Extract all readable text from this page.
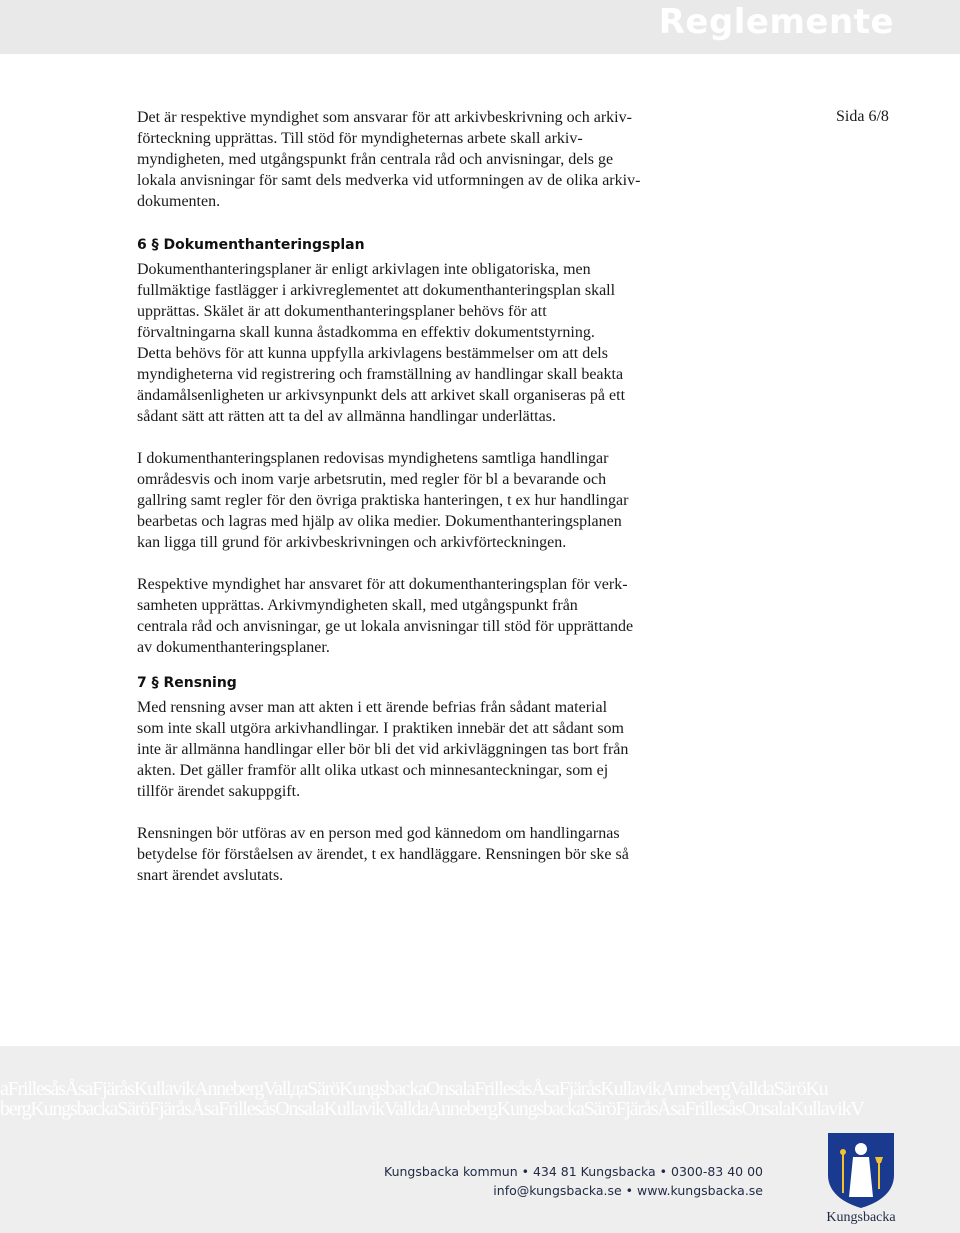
Reglemente
Sida 6/8

Det är respektive myndighet som ansvarar för att arkivbeskrivning och arkiv-
förteckning upprättas. Till stöd för myndigheternas arbete skall arkiv-
myndigheten, med utgångspunkt från centrala råd och anvisningar, dels ge
lokala anvisningar för samt dels medverka vid utformningen av de olika arkiv-
dokumenten.

6 § Dokumenthanteringsplan

Dokumenthanteringsplaner är enligt arkivlagen inte obligatoriska, men
fullmäktige fastlägger i arkivreglementet att dokumenthanteringsplan skall
upprättas. Skälet är att dokumenthanteringsplaner behövs för att
förvaltningarna skall kunna åstadkomma en effektiv dokumentstyrning.
Detta behövs för att kunna uppfylla arkivlagens bestämmelser om att dels
myndigheterna vid registrering och framställning av handlingar skall beakta
ändamålsenligheten ur arkivsynpunkt dels att arkivet skall organiseras på ett
sådant sätt att rätten att ta del av allmänna handlingar underlättas.

I dokumenthanteringsplanen redovisas myndighetens samtliga handlingar
områdesvis och inom varje arbetsrutin, med regler för bl a bevarande och
gallring samt regler för den övriga praktiska hanteringen, t ex hur handlingar
bearbetas och lagras med hjälp av olika medier. Dokumenthanteringsplanen
kan ligga till grund för arkivbeskrivningen och arkivförteckningen.

Respektive myndighet har ansvaret för att dokumenthanteringsplan för verk-
samheten upprättas. Arkivmyndigheten skall, med utgångspunkt från
centrala råd och anvisningar, ge ut lokala anvisningar till stöd för upprättande
av dokumenthanteringsplaner.

7 § Rensning

Med rensning avser man att akten i ett ärende befrias från sådant material
som inte skall utgöra arkivhandlingar. I praktiken innebär det att sådant som
inte är allmänna handlingar eller bör bli det vid arkivläggningen tas bort från
akten. Det gäller framför allt olika utkast och minnesanteckningar, som ej
tillför ärendet sakuppgift.

Rensningen bör utföras av en person med god kännedom om handlingarnas
betydelse för förståelsen av ärendet, t ex handläggare. Rensningen bör ske så
snart ärendet avslutats.

aFrillesåsÅsaFjäråsKullavikAnnebergVallдаSäröKungsbackaOnsalaFrillesåsÅsaFjäråsKullavikAnnebergValldaSäröKu
bergKungsbackaSäröFjäråsÅsaFrillesåsOnsalaKullavikValldaAnnebergKungsbackaSäröFjäråsÅsaFrillesåsOnsalaKullavikV
Kungsbacka kommun • 434 81 Kungsbacka • 0300-83 40 00
info@kungsbacka.se • www.kungsbacka.se
Kungsbacka
